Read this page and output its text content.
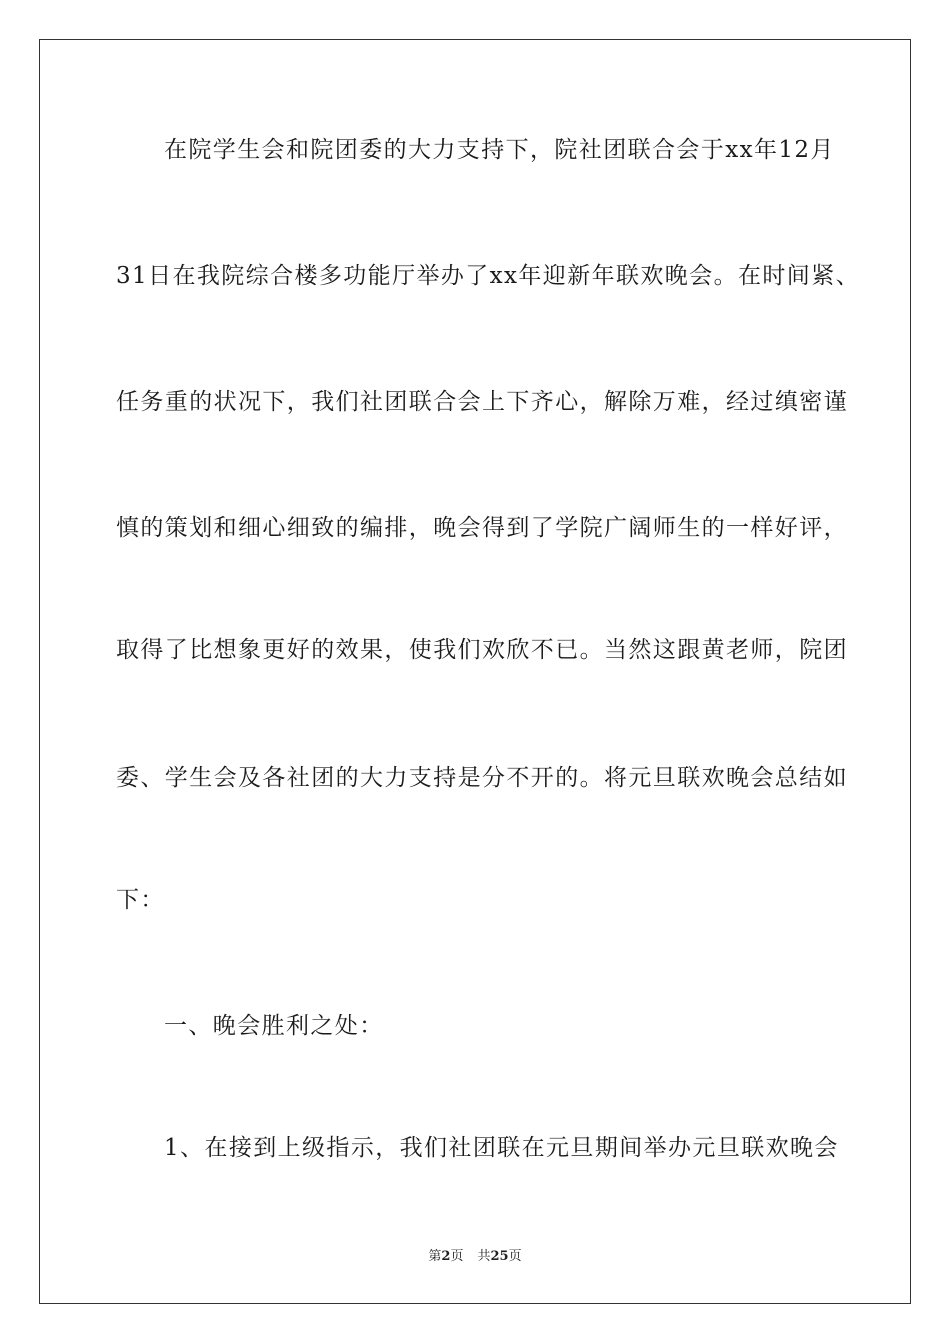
在院学生会和院团委的大力支持下，院社团联合会于xx年12月
31日在我院综合楼多功能厅举办了xx年迎新年联欢晚会。在时间紧、
任务重的状况下，我们社团联合会上下齐心，解除万难，经过缜密谨
慎的策划和细心细致的编排，晚会得到了学院广阔师生的一样好评，
取得了比想象更好的效果，使我们欢欣不已。当然这跟黄老师，院团
委、学生会及各社团的大力支持是分不开的。将元旦联欢晚会总结如
下：
一、晚会胜利之处：
1、在接到上级指示，我们社团联在元旦期间举办元旦联欢晚会
第2页 共25页
